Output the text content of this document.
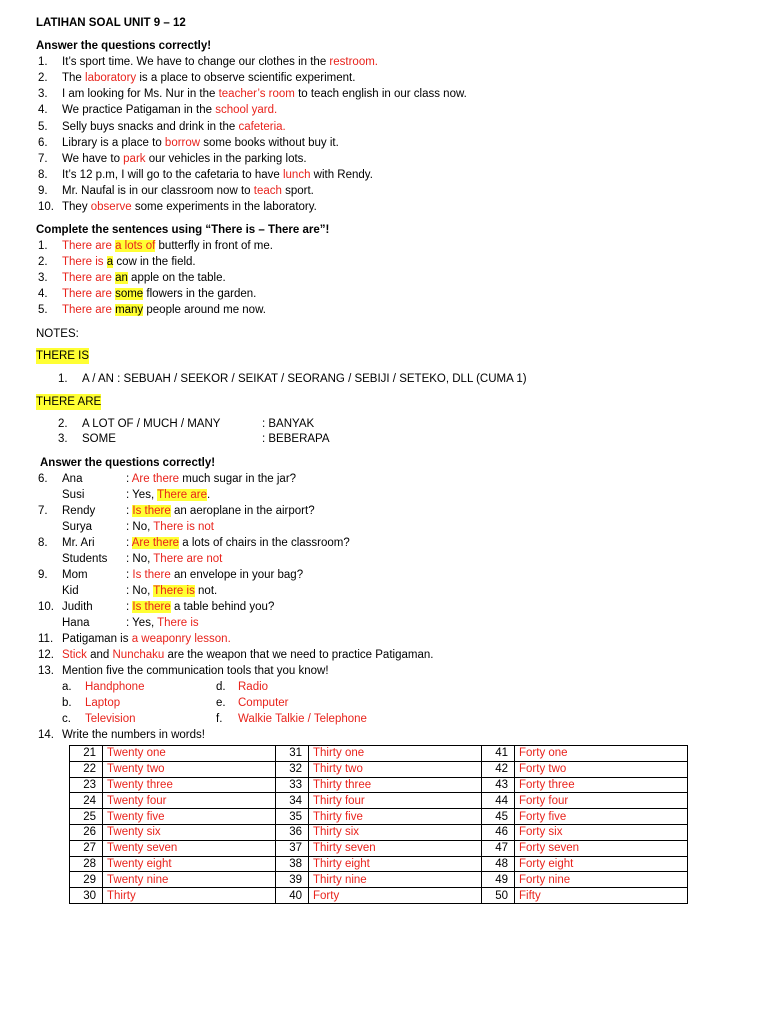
LATIHAN SOAL UNIT 9 – 12
Answer the questions correctly!
1. It’s sport time. We have to change our clothes in the restroom.
2. The laboratory is a place to observe scientific experiment.
3. I am looking for Ms. Nur in the teacher’s room to teach english in our class now.
4. We practice Patigaman in the school yard.
5. Selly buys snacks and drink in the cafeteria.
6. Library is a place to borrow some books without buy it.
7. We have to park our vehicles in the parking lots.
8. It’s 12 p.m, I will go to the cafetaria to have lunch with Rendy.
9. Mr. Naufal is in our classroom now to teach sport.
10. They observe some experiments in the laboratory.
Complete the sentences using “There is – There are”!
1. There are a lots of butterfly in front of me.
2. There is a cow in the field.
3. There are an apple on the table.
4. There are some flowers in the garden.
5. There are many people around me now.
NOTES:
THERE IS
1. A / AN : SEBUAH / SEEKOR / SEIKAT / SEORANG / SEBIJI / SETEKO, DLL (CUMA 1)
THERE ARE
2. A LOT OF / MUCH / MANY	: BANYAK
3. SOME	: BEBERAPA
Answer the questions correctly!
6. Ana	: Are there much sugar in the jar?
Susi	: Yes, There are.
7. Rendy	: Is there an aeroplane in the airport?
Surya	: No, There is not
8. Mr. Ari	: Are there a lots of chairs in the classroom?
Students : No, There are not
9. Mom	: Is there an envelope in your bag?
Kid	: No, There is not.
10. Judith	: Is there a table behind you?
Hana	: Yes, There is
11. Patigaman is a weaponry lesson.
12. Stick and Nunchaku are the weapon that we need to practice Patigaman.
13. Mention five the communication tools that you know!
a. Handphone	d. Radio
b. Laptop	e. Computer
c. Television	f. Walkie Talkie / Telephone
14. Write the numbers in words!
21	Twenty one	31	Thirty one	41	Forty one
22	Twenty two	32	Thirty two	42	Forty two
23	Twenty three	33	Thirty three	43	Forty three
24	Twenty four	34	Thirty four	44	Forty four
25	Twenty five	35	Thirty five	45	Forty five
26	Twenty six	36	Thirty six	46	Forty six
27	Twenty seven	37	Thirty seven	47	Forty seven
28	Twenty eight	38	Thirty eight	48	Forty eight
29	Twenty nine	39	Thirty nine	49	Forty nine
30	Thirty	40	Forty	50	Fifty
